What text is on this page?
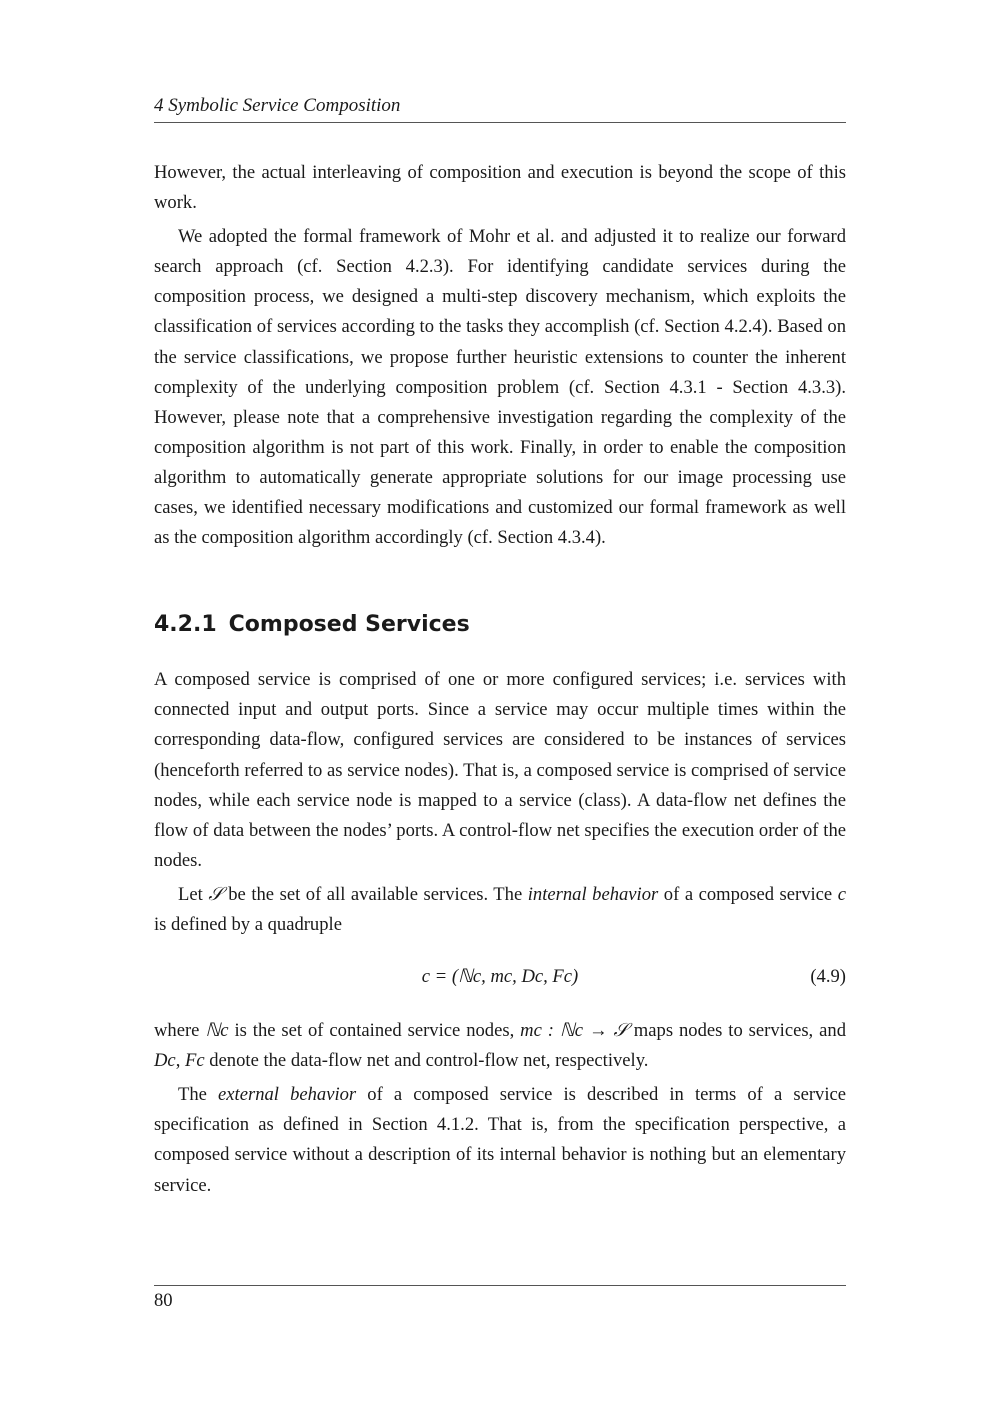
4 Symbolic Service Composition

However, the actual interleaving of composition and execution is beyond the scope of this work.

We adopted the formal framework of Mohr et al. and adjusted it to realize our forward search approach (cf. Section 4.2.3). For identifying candidate services during the composition process, we designed a multi-step discovery mechanism, which exploits the classification of services according to the tasks they accomplish (cf. Section 4.2.4). Based on the service classifications, we propose further heuristic extensions to counter the inherent complexity of the underlying composition problem (cf. Section 4.3.1 - Section 4.3.3). However, please note that a comprehensive investigation regarding the complexity of the composition algorithm is not part of this work. Finally, in order to enable the composition algorithm to automatically generate appropriate solutions for our image processing use cases, we identified necessary modifications and customized our formal framework as well as the composition algorithm accordingly (cf. Section 4.3.4).

4.2.1 Composed Services

A composed service is comprised of one or more configured services; i.e. services with connected input and output ports. Since a service may occur multiple times within the corresponding data-flow, configured services are considered to be instances of services (henceforth referred to as service nodes). That is, a composed service is comprised of service nodes, while each service node is mapped to a service (class). A data-flow net defines the flow of data between the nodes’ ports. A control-flow net specifies the execution order of the nodes.

Let 𝒮 be the set of all available services. The internal behavior of a composed service c is defined by a quadruple

c = (ℕc, mc, Dc, Fc)	(4.9)

where ℕc is the set of contained service nodes, mc : ℕc → 𝒮 maps nodes to services, and Dc, Fc denote the data-flow net and control-flow net, respectively.

The external behavior of a composed service is described in terms of a service specification as defined in Section 4.1.2. That is, from the specification perspective, a composed service without a description of its internal behavior is nothing but an elementary service.

80
